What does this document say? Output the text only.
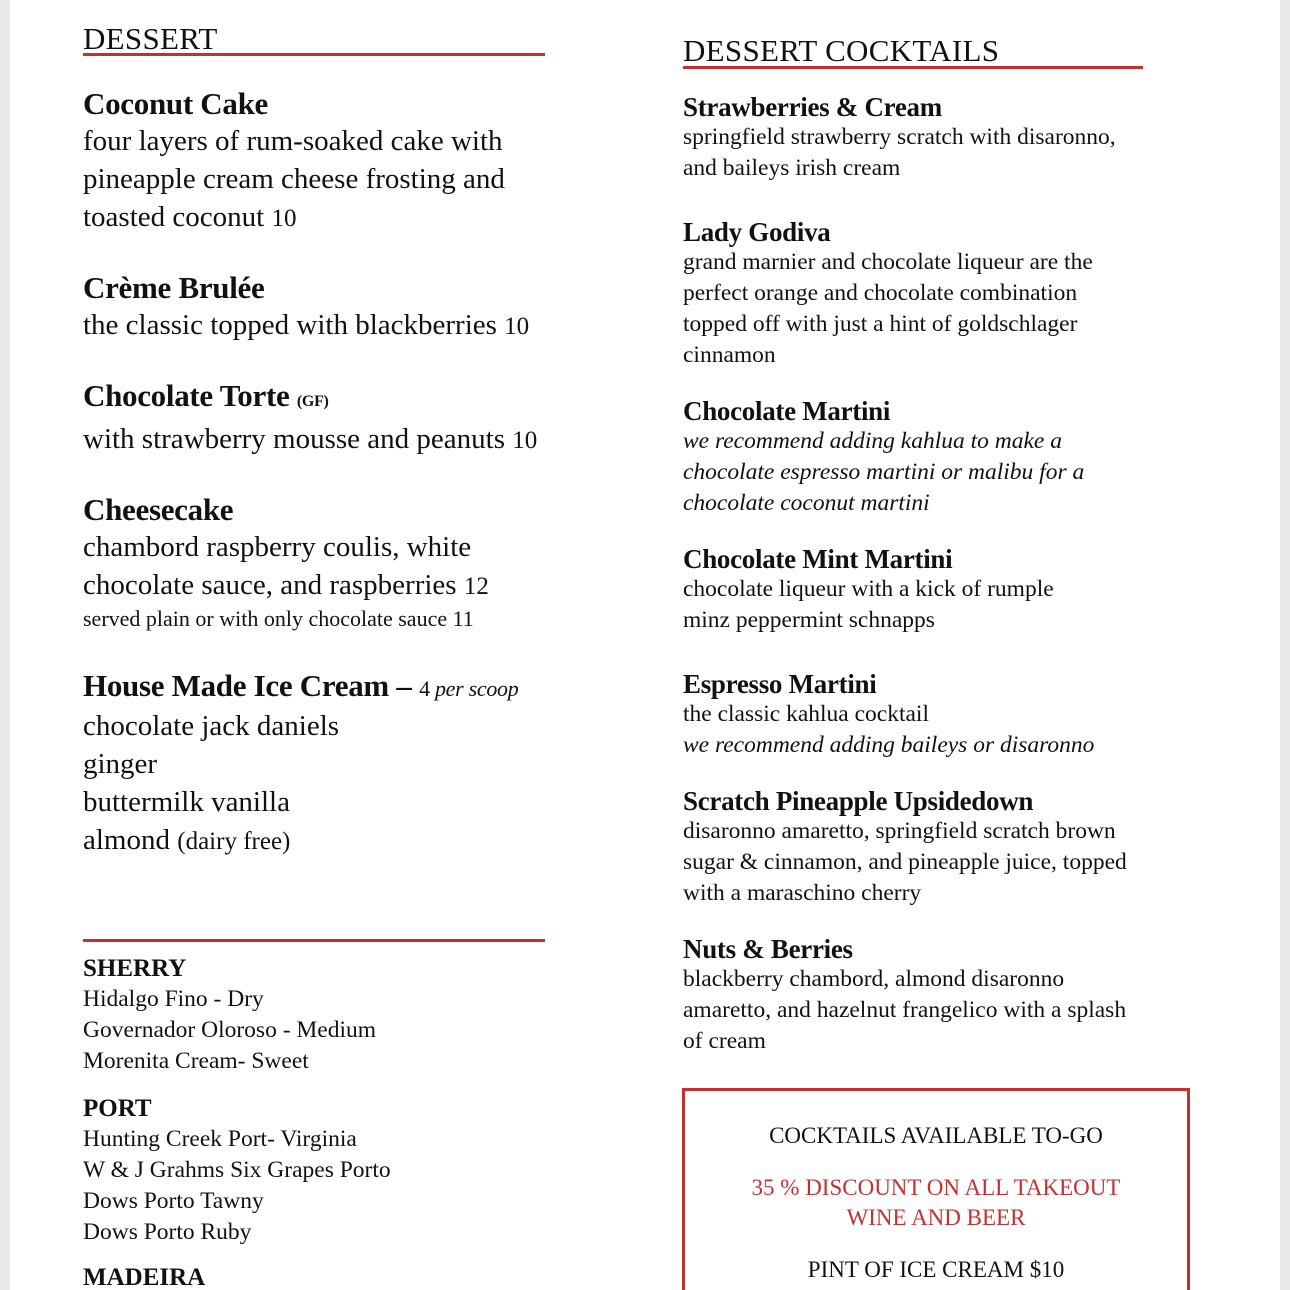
DESSERT
Coconut Cake
four layers of rum-soaked cake with
pineapple cream cheese frosting and
toasted coconut 10
Crème Brulée
the classic topped with blackberries 10
Chocolate Torte (GF)
with strawberry mousse and peanuts 10
Cheesecake
chambord raspberry coulis, white
chocolate sauce, and raspberries 12
served plain or with only chocolate sauce 11
House Made Ice Cream – 4 per scoop
chocolate jack daniels
ginger
buttermilk vanilla
almond (dairy free)
SHERRY
Hidalgo Fino - Dry
Governador Oloroso - Medium
Morenita Cream- Sweet
PORT
Hunting Creek Port- Virginia
W & J Grahms Six Grapes Porto
Dows Porto Tawny
Dows Porto Ruby
MADEIRA
DESSERT COCKTAILS
Strawberries & Cream
springfield strawberry scratch with disaronno,
and baileys irish cream
Lady Godiva
grand marnier and chocolate liqueur are the
perfect orange and chocolate combination
topped off with just a hint of goldschlager
cinnamon
Chocolate Martini
we recommend adding kahlua to make a
chocolate espresso martini or malibu for a
chocolate coconut martini
Chocolate Mint Martini
chocolate liqueur with a kick of rumple
minz peppermint schnapps
Espresso Martini
the classic kahlua cocktail
we recommend adding baileys or disaronno
Scratch Pineapple Upsidedown
disaronno amaretto, springfield scratch brown
sugar & cinnamon, and pineapple juice, topped
with a maraschino cherry
Nuts & Berries
blackberry chambord, almond disaronno
amaretto, and hazelnut frangelico with a splash
of cream
COCKTAILS AVAILABLE TO-GO
35 % DISCOUNT ON ALL TAKEOUT
WINE AND BEER
PINT OF ICE CREAM $10
